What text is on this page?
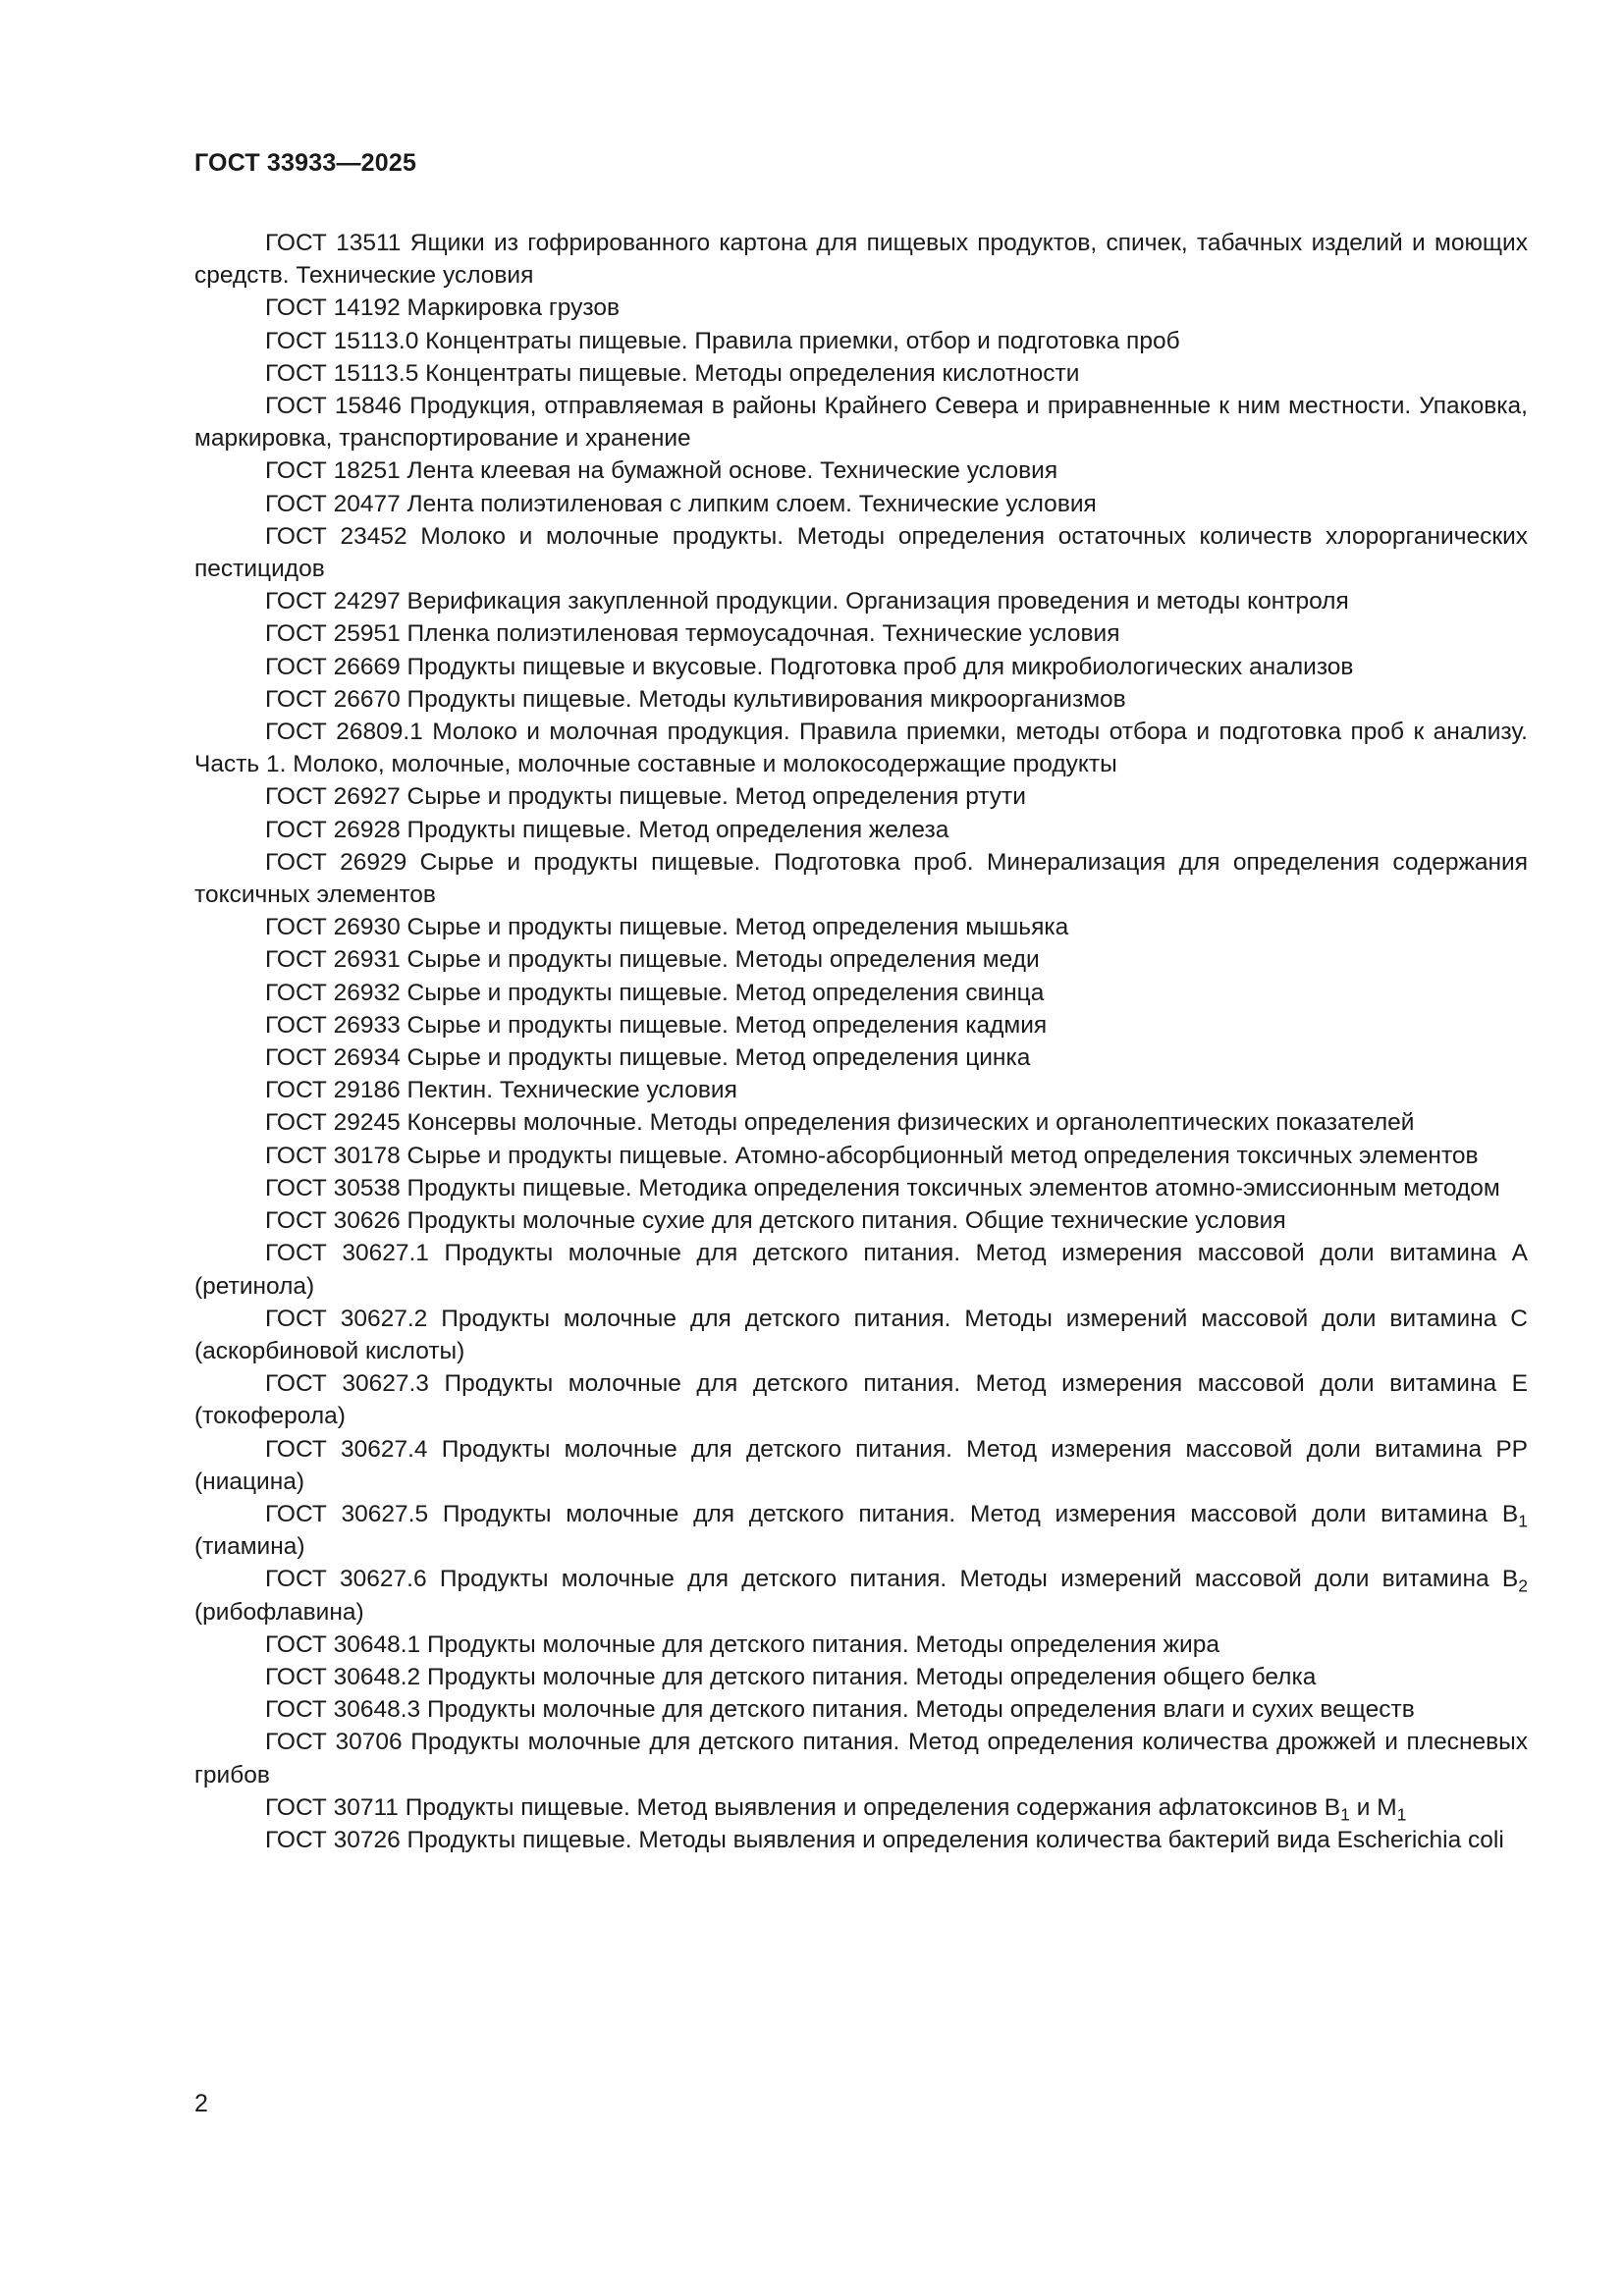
ГОСТ 33933—2025

ГОСТ 13511 Ящики из гофрированного картона для пищевых продуктов, спичек, табачных изделий и моющих средств. Технические условия

ГОСТ 14192 Маркировка грузов

ГОСТ 15113.0 Концентраты пищевые. Правила приемки, отбор и подготовка проб

ГОСТ 15113.5 Концентраты пищевые. Методы определения кислотности

ГОСТ 15846 Продукция, отправляемая в районы Крайнего Севера и приравненные к ним местности. Упаковка, маркировка, транспортирование и хранение

ГОСТ 18251 Лента клеевая на бумажной основе. Технические условия

ГОСТ 20477 Лента полиэтиленовая с липким слоем. Технические условия

ГОСТ 23452 Молоко и молочные продукты. Методы определения остаточных количеств хлорорганических пестицидов

ГОСТ 24297 Верификация закупленной продукции. Организация проведения и методы контроля

ГОСТ 25951 Пленка полиэтиленовая термоусадочная. Технические условия

ГОСТ 26669 Продукты пищевые и вкусовые. Подготовка проб для микробиологических анализов

ГОСТ 26670 Продукты пищевые. Методы культивирования микроорганизмов

ГОСТ 26809.1 Молоко и молочная продукция. Правила приемки, методы отбора и подготовка проб к анализу. Часть 1. Молоко, молочные, молочные составные и молокосодержащие продукты

ГОСТ 26927 Сырье и продукты пищевые. Метод определения ртути

ГОСТ 26928 Продукты пищевые. Метод определения железа

ГОСТ 26929 Сырье и продукты пищевые. Подготовка проб. Минерализация для определения содержания токсичных элементов

ГОСТ 26930 Сырье и продукты пищевые. Метод определения мышьяка

ГОСТ 26931 Сырье и продукты пищевые. Методы определения меди

ГОСТ 26932 Сырье и продукты пищевые. Метод определения свинца

ГОСТ 26933 Сырье и продукты пищевые. Метод определения кадмия

ГОСТ 26934 Сырье и продукты пищевые. Метод определения цинка

ГОСТ 29186 Пектин. Технические условия

ГОСТ 29245 Консервы молочные. Методы определения физических и органолептических показателей

ГОСТ 30178 Сырье и продукты пищевые. Атомно-абсорбционный метод определения токсичных элементов

ГОСТ 30538 Продукты пищевые. Методика определения токсичных элементов атомно-эмиссионным методом

ГОСТ 30626 Продукты молочные сухие для детского питания. Общие технические условия

ГОСТ 30627.1 Продукты молочные для детского питания. Метод измерения массовой доли витамина А (ретинола)

ГОСТ 30627.2 Продукты молочные для детского питания. Методы измерений массовой доли витамина С (аскорбиновой кислоты)

ГОСТ 30627.3 Продукты молочные для детского питания. Метод измерения массовой доли витамина Е (токоферола)

ГОСТ 30627.4 Продукты молочные для детского питания. Метод измерения массовой доли витамина РР (ниацина)

ГОСТ 30627.5 Продукты молочные для детского питания. Метод измерения массовой доли витамина $В_1$ (тиамина)

ГОСТ 30627.6 Продукты молочные для детского питания. Методы измерений массовой доли витамина $В_2$ (рибофлавина)

ГОСТ 30648.1 Продукты молочные для детского питания. Методы определения жира

ГОСТ 30648.2 Продукты молочные для детского питания. Методы определения общего белка

ГОСТ 30648.3 Продукты молочные для детского питания. Методы определения влаги и сухих веществ

ГОСТ 30706 Продукты молочные для детского питания. Метод определения количества дрожжей и плесневых грибов

ГОСТ 30711 Продукты пищевые. Метод выявления и определения содержания афлатоксинов $В_1$ и $М_1$

ГОСТ 30726 Продукты пищевые. Методы выявления и определения количества бактерий вида Escherichia coli

2
